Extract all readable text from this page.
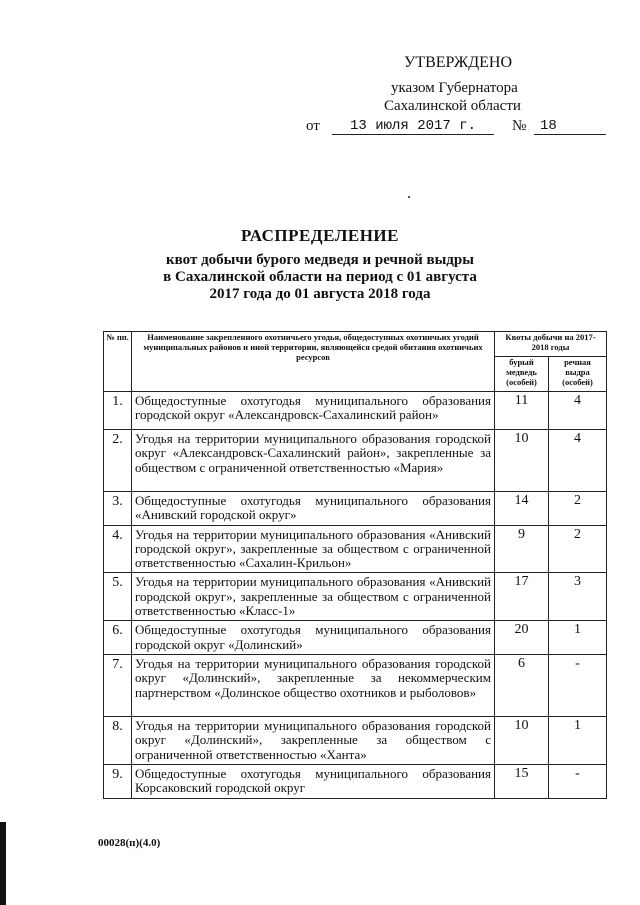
УТВЕРЖДЕНО
указом Губернатора
Сахалинской области
от	13 июля 2017 г.	№ 18
РАСПРЕДЕЛЕНИЕ
квот добычи бурого медведя и речной выдры
в Сахалинской области на период с 01 августа
2017 года до 01 августа 2018 года
№ пп.	Наименование закрепленного охотничьего угодья, общедоступных охотничьих угодий муниципальных районов и иной территории, являющейся средой обитания охотничьих ресурсов	Квоты добычи на 2017-2018 годы	
		бурый медведь (особей)	речная выдра (особей)
1.	Общедоступные охотугодья муниципального образования городской округ «Александровск-Сахалинский район»	11	4
2.	Угодья на территории муниципального образования городской округ «Александровск-Сахалинский район», закрепленные за обществом с ограниченной ответственностью «Мария»	10	4
3.	Общедоступные охотугодья муниципального образования «Анивский городской округ»	14	2
4.	Угодья на территории муниципального образования «Анивский городской округ», закрепленные за обществом с ограниченной ответственностью «Сахалин-Крильон»	9	2
5.	Угодья на территории муниципального образования «Анивский городской округ», закрепленные за обществом с ограниченной ответственностью «Класс-1»	17	3
6.	Общедоступные охотугодья муниципального образования городской округ «Долинский»	20	1
7.	Угодья на территории муниципального образования городской округ «Долинский», закрепленные за некоммерческим партнерством «Долинское общество охотников и рыболовов»	6	-
8.	Угодья на территории муниципального образования городской округ «Долинский», закрепленные за обществом с ограниченной ответственностью «Ханта»	10	1
9.	Общедоступные охотугодья муниципального образования Корсаковский городской округ	15	-
00028(п)(4.0)
